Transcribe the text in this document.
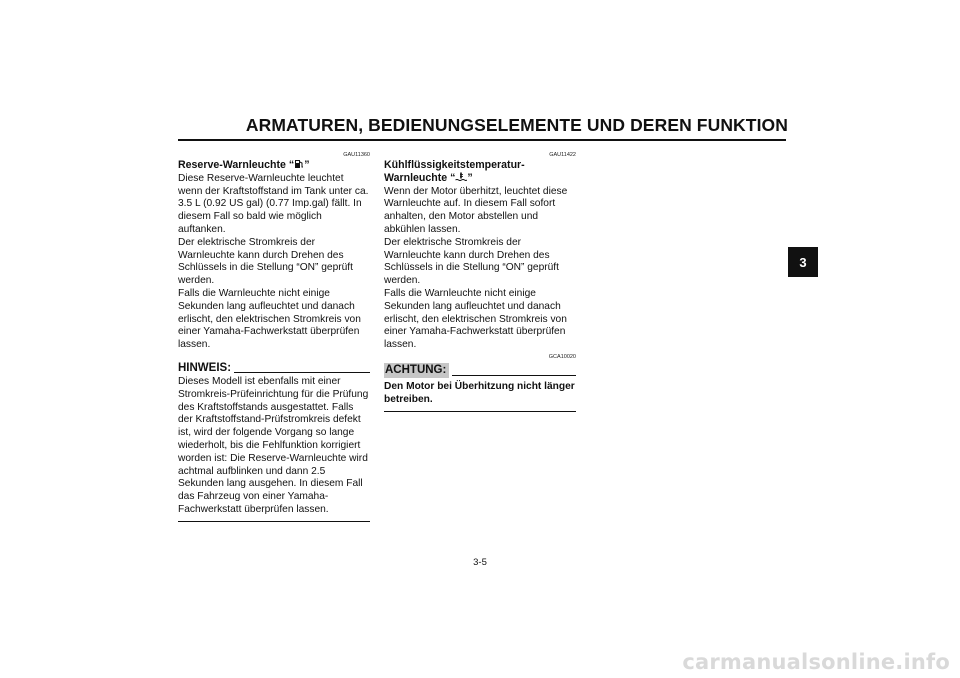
ARMATUREN, BEDIENUNGSELEMENTE UND DEREN FUNKTION
3
GAU11360
Reserve-Warnleuchte “ ”

Diese Reserve-Warnleuchte leuchtet wenn der Kraftstoffstand im Tank unter ca. 3.5 L (0.92 US gal) (0.77 Imp.gal) fällt. In diesem Fall so bald wie möglich auftanken.

Der elektrische Stromkreis der Warnleuchte kann durch Drehen des Schlüssels in die Stellung “ON” geprüft werden.

Falls die Warnleuchte nicht einige Sekunden lang aufleuchtet und danach erlischt, den elektrischen Stromkreis von einer Yamaha-Fachwerkstatt überprüfen lassen.

HINWEIS:

Dieses Modell ist ebenfalls mit einer Stromkreis-Prüfeinrichtung für die Prüfung des Kraftstoffstands ausgestattet. Falls der Kraftstoffstand-Prüfstromkreis defekt ist, wird der folgende Vorgang so lange wiederholt, bis die Fehlfunktion korrigiert worden ist: Die Reserve-Warnleuchte wird achtmal aufblinken und dann 2.5 Sekunden lang ausgehen. In diesem Fall das Fahrzeug von einer Yamaha-Fachwerkstatt überprüfen lassen.

GAU11422
Kühlflüssigkeitstemperatur-
Warnleuchte “ ”

Wenn der Motor überhitzt, leuchtet diese Warnleuchte auf. In diesem Fall sofort anhalten, den Motor abstellen und abkühlen lassen.

Der elektrische Stromkreis der Warnleuchte kann durch Drehen des Schlüssels in die Stellung “ON” geprüft werden.

Falls die Warnleuchte nicht einige Sekunden lang aufleuchtet und danach erlischt, den elektrischen Stromkreis von einer Yamaha-Fachwerkstatt überprüfen lassen.

GCA10020
ACHTUNG:

Den Motor bei Überhitzung nicht länger betreiben.

3-5
carmanualsonline.info
